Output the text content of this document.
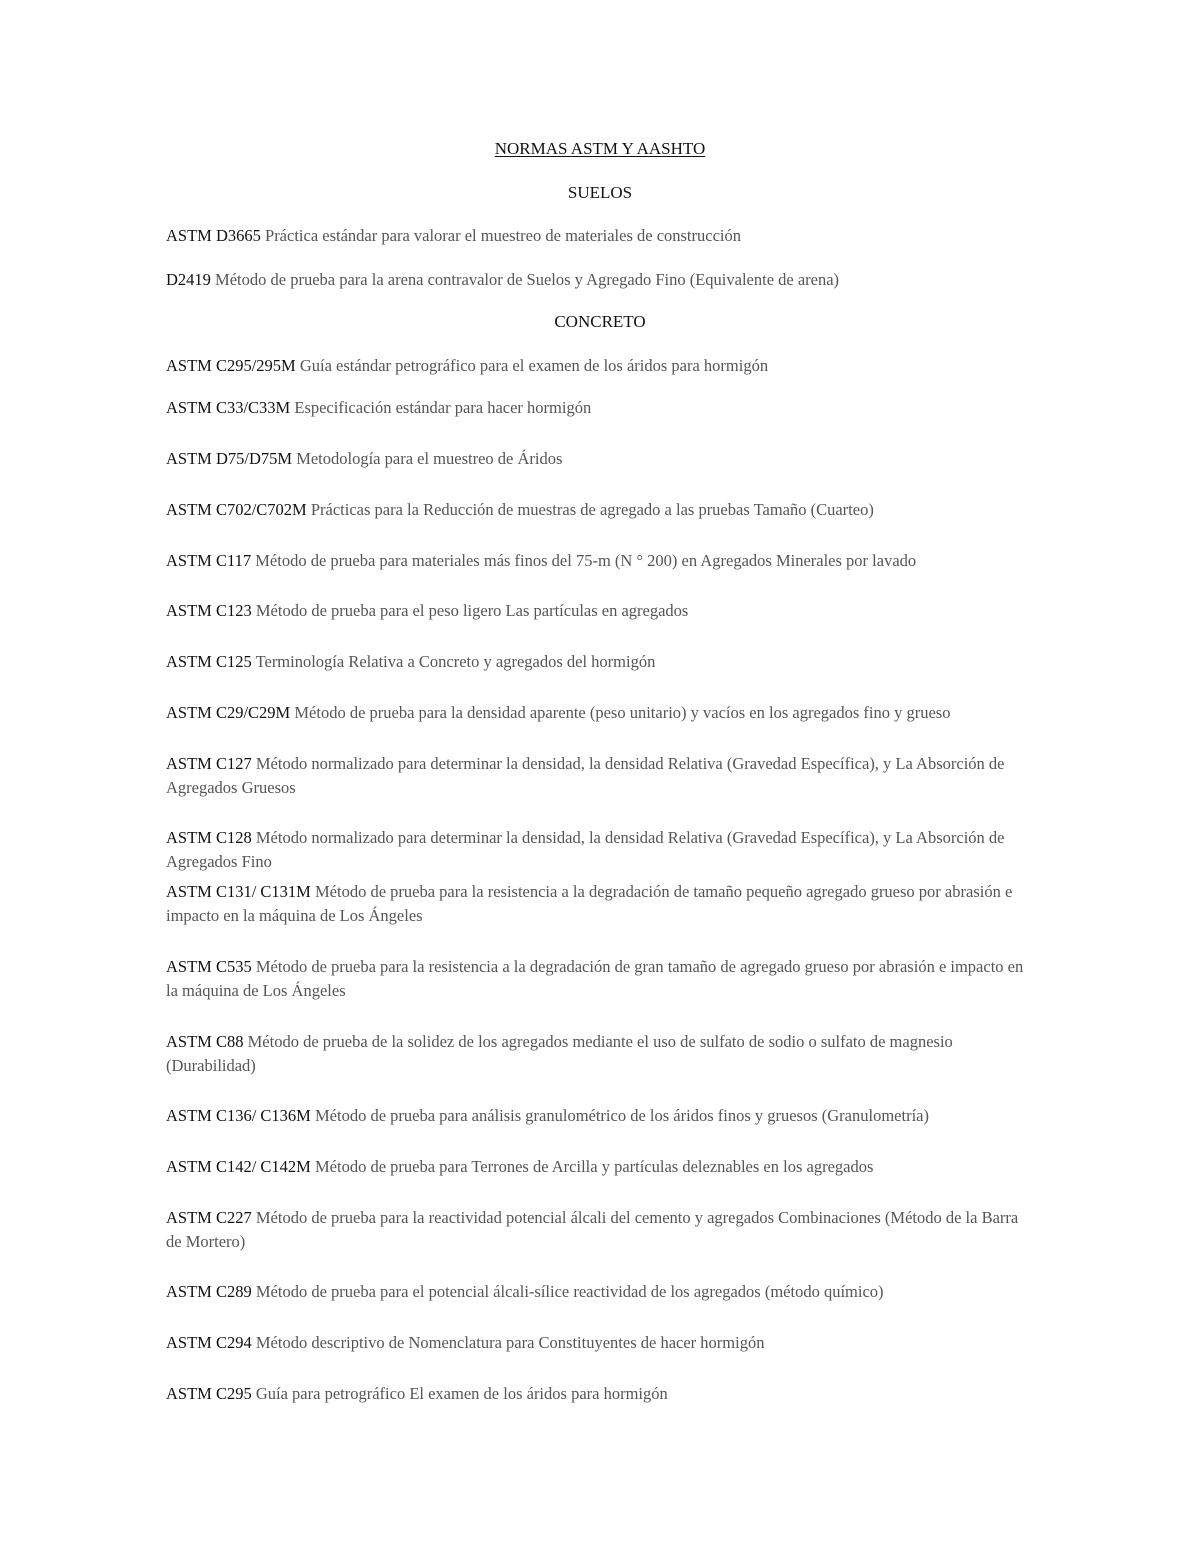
NORMAS ASTM Y AASHTO
SUELOS
ASTM D3665 Práctica estándar para valorar el muestreo de materiales de construcción
D2419 Método de prueba para la arena contravalor de Suelos y Agregado Fino (Equivalente de arena)
CONCRETO
ASTM C295/295M Guía estándar petrográfico para el examen de los áridos para hormigón
ASTM C33/C33M Especificación estándar para hacer hormigón
ASTM D75/D75M Metodología para el muestreo de Áridos
ASTM C702/C702M Prácticas para la Reducción de muestras de agregado a las pruebas Tamaño (Cuarteo)
ASTM C117 Método de prueba para materiales más finos del 75-m (N ° 200) en Agregados Minerales por lavado
ASTM C123 Método de prueba para el peso ligero Las partículas en agregados
ASTM C125 Terminología Relativa a Concreto y agregados del hormigón
ASTM C29/C29M Método de prueba para la densidad aparente (peso unitario) y vacíos en los agregados fino y grueso
ASTM C127 Método normalizado para determinar la densidad, la densidad Relativa (Gravedad Específica), y La Absorción de Agregados Gruesos
ASTM C128 Método normalizado para determinar la densidad, la densidad Relativa (Gravedad Específica), y La Absorción de Agregados Fino
ASTM C131/ C131M Método de prueba para la resistencia a la degradación de tamaño pequeño agregado grueso por abrasión e impacto en la máquina de Los Ángeles
ASTM C535 Método de prueba para la resistencia a la degradación de gran tamaño de agregado grueso por abrasión e impacto en la máquina de Los Ángeles
ASTM C88 Método de prueba de la solidez de los agregados mediante el uso de sulfato de sodio o sulfato de magnesio (Durabilidad)
ASTM C136/ C136M Método de prueba para análisis granulométrico de los áridos finos y gruesos (Granulometría)
ASTM C142/ C142M Método de prueba para Terrones de Arcilla y partículas deleznables en los agregados
ASTM C227 Método de prueba para la reactividad potencial álcali del cemento y agregados Combinaciones (Método de la Barra de Mortero)
ASTM C289 Método de prueba para el potencial álcali-sílice reactividad de los agregados (método químico)
ASTM C294 Método descriptivo de Nomenclatura para Constituyentes de hacer hormigón
ASTM C295 Guía para petrográfico El examen de los áridos para hormigón
